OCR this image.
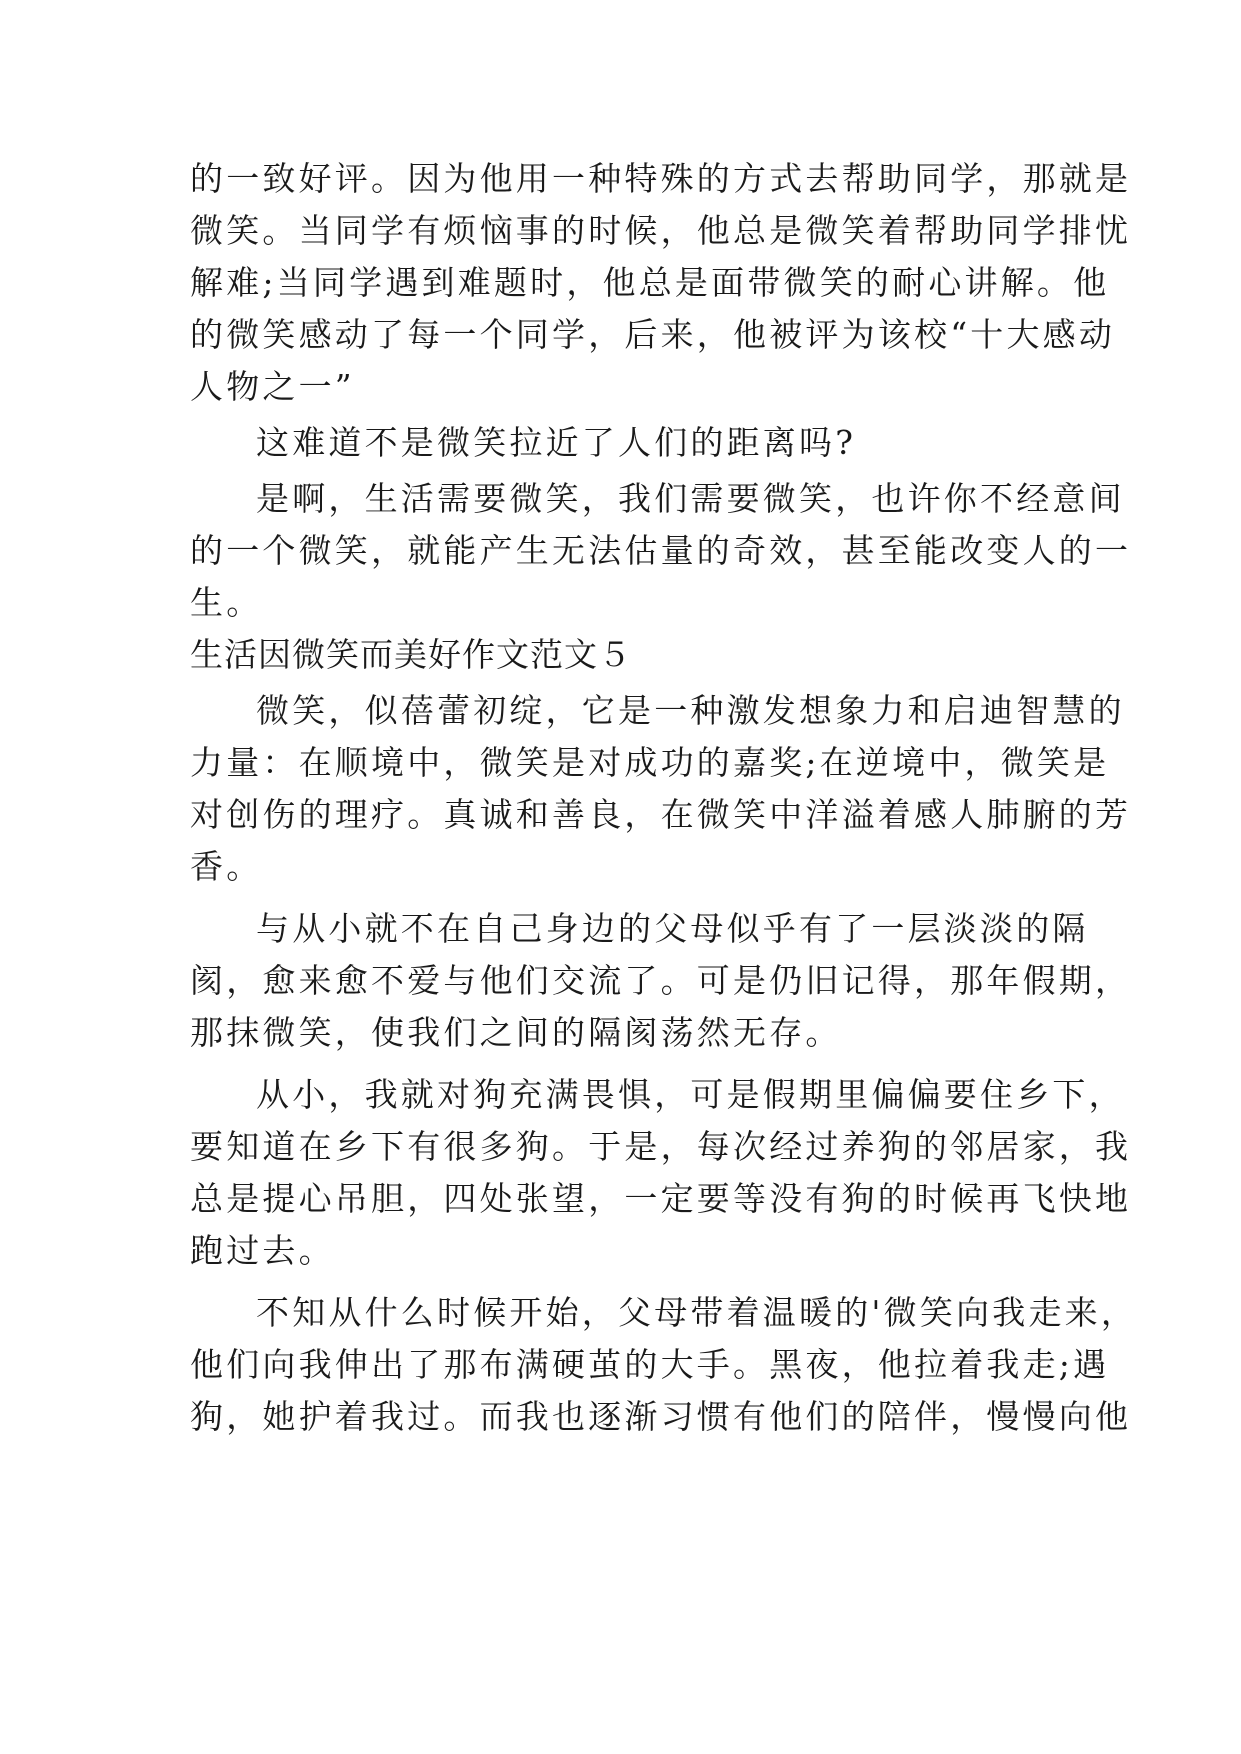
的一致好评。因为他用一种特殊的方式去帮助同学，那就是
微笑。当同学有烦恼事的时候，他总是微笑着帮助同学排忧
解难;当同学遇到难题时，他总是面带微笑的耐心讲解。他
的微笑感动了每一个同学，后来，他被评为该校“十大感动
人物之一”
这难道不是微笑拉近了人们的距离吗?
是啊，生活需要微笑，我们需要微笑，也许你不经意间
的一个微笑，就能产生无法估量的奇效，甚至能改变人的一
生。
生活因微笑而美好作文范文５
微笑，似蓓蕾初绽，它是一种激发想象力和启迪智慧的
力量：在顺境中，微笑是对成功的嘉奖;在逆境中，微笑是
对创伤的理疗。真诚和善良，在微笑中洋溢着感人肺腑的芳
香。
与从小就不在自己身边的父母似乎有了一层淡淡的隔
阂，愈来愈不爱与他们交流了。可是仍旧记得，那年假期，
那抹微笑，使我们之间的隔阂荡然无存。
从小，我就对狗充满畏惧，可是假期里偏偏要住乡下，
要知道在乡下有很多狗。于是，每次经过养狗的邻居家，我
总是提心吊胆，四处张望，一定要等没有狗的时候再飞快地
跑过去。
不知从什么时候开始，父母带着温暖的'微笑向我走来，
他们向我伸出了那布满硬茧的大手。黑夜，他拉着我走;遇
狗，她护着我过。而我也逐渐习惯有他们的陪伴，慢慢向他
